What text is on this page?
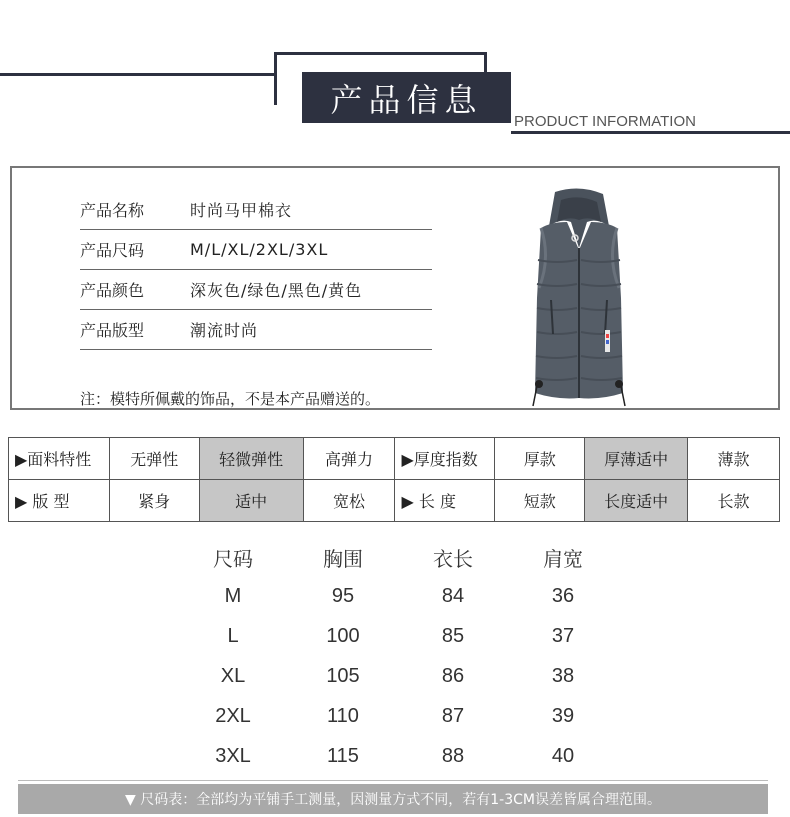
产品信息
PRODUCT INFORMATION
产品名称	时尚马甲棉衣
产品尺码	M/L/XL/2XL/3XL
产品颜色	深灰色/绿色/黑色/黄色
产品版型	潮流时尚
注：模特所佩戴的饰品，不是本产品赠送的。
▶面料特性	无弹性	轻微弹性	高弹力	▶厚度指数	厚款	厚薄适中	薄款
▶ 版 型	紧身	适中	宽松	▶ 长 度	短款	长度适中	长款
尺码	胸围	衣长	肩宽
M	95	84	36
L	100	85	37
XL	105	86	38
2XL	110	87	39
3XL	115	88	40
▼ 尺码表：全部均为平铺手工测量，因测量方式不同，若有1-3CM误差皆属合理范围。
